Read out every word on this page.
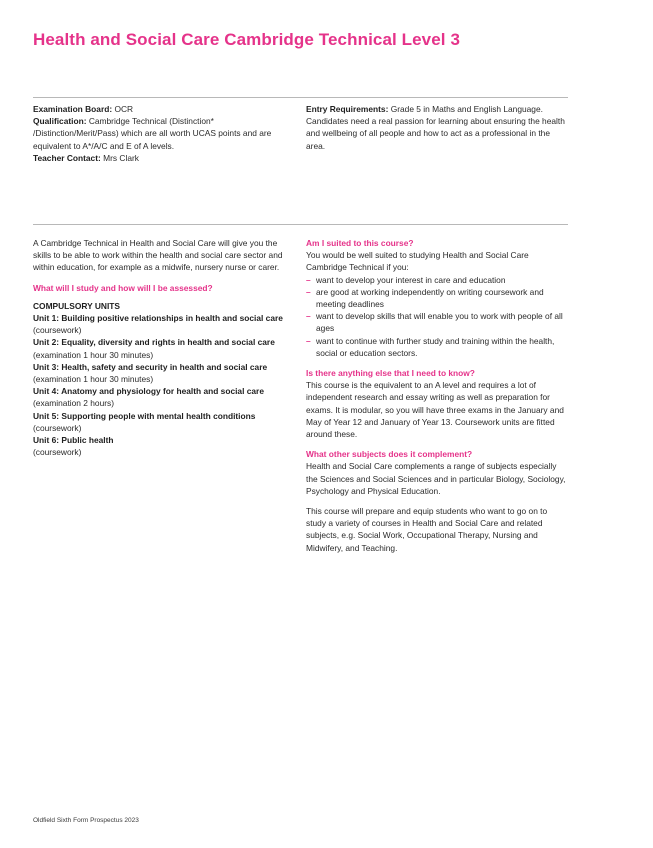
Health and Social Care Cambridge Technical Level 3

Examination Board: OCR

Qualification: Cambridge Technical (Distinction* /Distinction/Merit/Pass) which are all worth UCAS points and are equivalent to A*/A/C and E of A levels.

Teacher Contact: Mrs Clark

Entry Requirements: Grade 5 in Maths and English Language. Candidates need a real passion for learning about ensuring the health and wellbeing of all people and how to act as a professional in the area.

A Cambridge Technical in Health and Social Care will give you the skills to be able to work within the health and social care sector and within education, for example as a midwife, nursery nurse or carer.

What will I study and how will I be assessed?

COMPULSORY UNITS

Unit 1: Building positive relationships in health and social care

(coursework)

Unit 2: Equality, diversity and rights in health and social care

(examination 1 hour 30 minutes)

Unit 3: Health, safety and security in health and social care

(examination 1 hour 30 minutes)

Unit 4: Anatomy and physiology for health and social care

(examination 2 hours)

Unit 5: Supporting people with mental health conditions

(coursework)

Unit 6: Public health

(coursework)

Am I suited to this course?

You would be well suited to studying Health and Social Care Cambridge Technical if you:

– want to develop your interest in care and education
– are good at working independently on writing coursework and meeting deadlines
– want to develop skills that will enable you to work with people of all ages
– want to continue with further study and training within the health, social or education sectors.

Is there anything else that I need to know?

This course is the equivalent to an A level and requires a lot of independent research and essay writing as well as preparation for exams. It is modular, so you will have three exams in the January and May of Year 12 and January of Year 13. Coursework units are fitted around these.

What other subjects does it complement?

Health and Social Care complements a range of subjects especially the Sciences and Social Sciences and in particular Biology, Sociology, Psychology and Physical Education.

This course will prepare and equip students who want to go on to study a variety of courses in Health and Social Care and related subjects, e.g. Social Work, Occupational Therapy, Nursing and Midwifery, and Teaching.

Oldfield Sixth Form Prospectus 2023
